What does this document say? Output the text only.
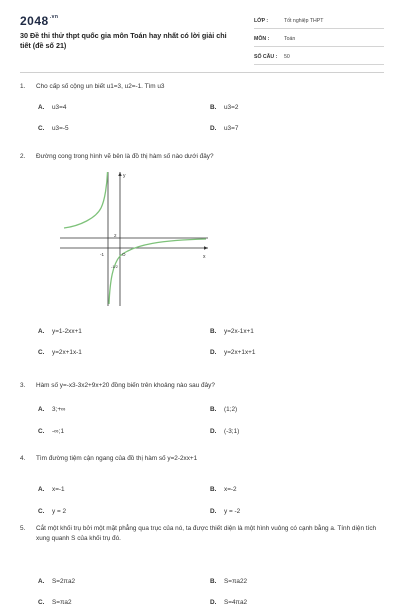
$2048^{.vn}$
30 Đề thi thử thpt quốc gia môn Toán hay nhất có lời giải chi tiết (đề số 21)
LỚP :	Tốt nghiệp THPT
MÔN :	Toán
SỐ CÂU :	50
1.	Cho cấp số cộng un biết u1=3, u2=-1. Tìm u3
A. u3=4	B. u3=2
C. u3=-5	D. u3=7
2.	Đường cong trong hình vẽ bên là đồ thị hàm số nào dưới đây?
y
x
2
-1	O
-1/2
A. y=1-2xx+1	B. y=2x-1x+1
C. y=2x+1x-1	D. y=2x+1x+1
3.	Hàm số y=-x3-3x2+9x+20 đồng biến trên khoảng nào sau đây?
A. 3;+∞	B. (1;2)
C. -∞;1	D. (-3;1)
4.	Tìm đường tiệm cận ngang của đồ thị hàm số y=2-2xx+1
A. x=-1	B. x=-2
C. y = 2	D. y = -2
5.	Cắt một khối trụ bởi một mặt phẳng qua trục của nó, ta được thiết diện là một hình vuông có cạnh bằng a. Tính diện tích xung quanh S của khối trụ đó.
A. S=2πa2	B. S=πa22
C. S=πa2	D. S=4πa2
